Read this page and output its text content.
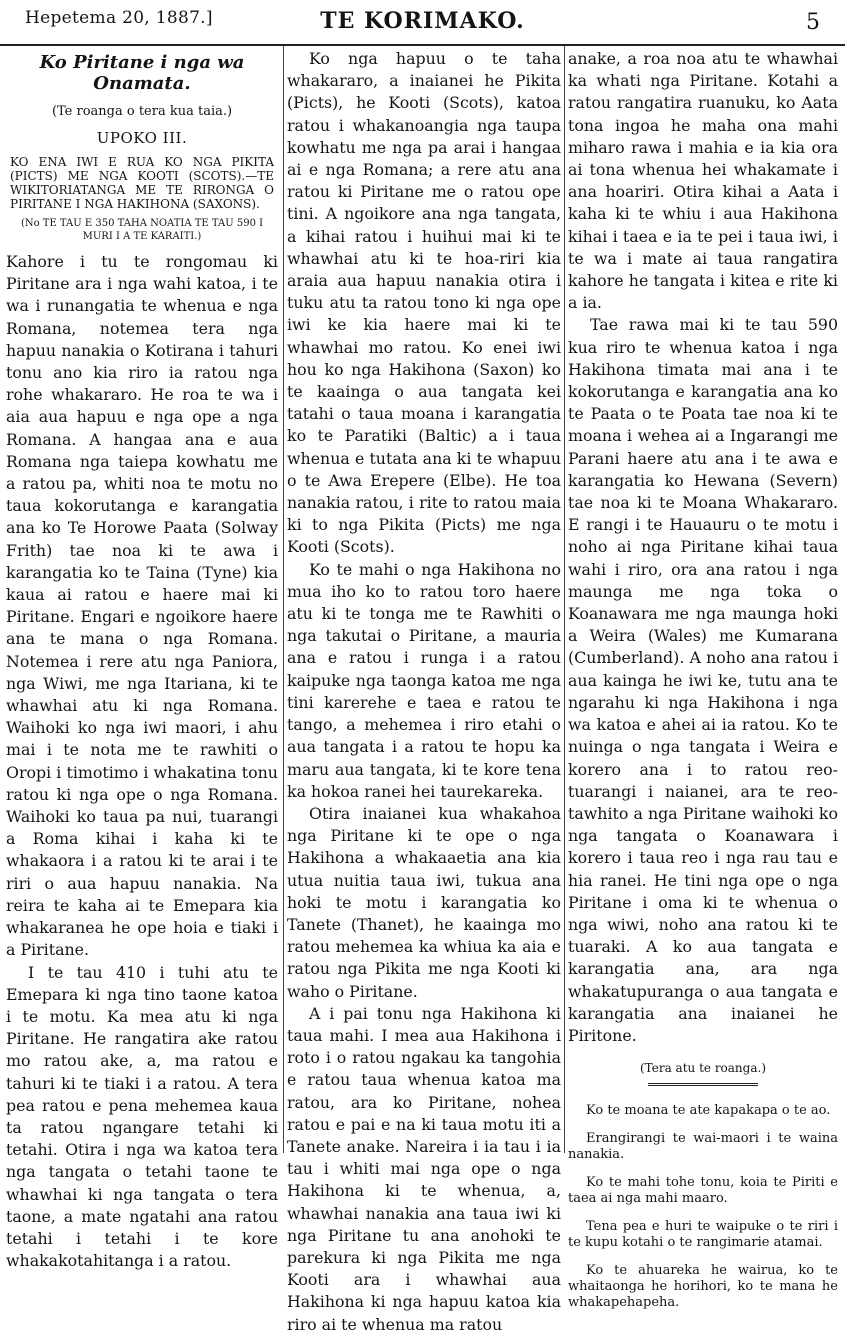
Hepetema 20, 1887.]	TE KORIMAKO.	5
Ko Piritane i nga wa Onamata.
(Te roanga o tera kua taia.)
UPOKO III.
KO ENA IWI E RUA KO NGA PIKITA (PICTS) ME NGA KOOTI (SCOTS).—TE WIKITORIATANGA ME TE RIRONGA O PIRITANE I NGA HAKIHONA (SAXONS).
(No TE TAU E 350 TAHA NOATIA TE TAU 590 I MURI I A TE KARAITI.)

Kahore i tu te rongomau ki Piritane ara i nga wahi katoa, i te wa i runangatia te whenua e nga Romana, notemea tera nga hapuu nanakia o Kotirana i tahuri tonu ano kia riro ia ratou nga rohe whakararo. He roa te wa i aia aua hapuu e nga ope a nga Romana. A hangaa ana e aua Romana nga taiepa kowhatu me a ratou pa, whiti noa te motu no taua kokorutanga e karangatia ana ko Te Horowe Paata (Solway Frith) tae noa ki te awa i karangatia ko te Taina (Tyne) kia kaua ai ratou e haere mai ki Piritane. Engari e ngoikore haere ana te mana o nga Romana. Notemea i rere atu nga Paniora, nga Wiwi, me nga Itariana, ki te whawhai atu ki nga Romana. Waihoki ko nga iwi maori, i ahu mai i te nota me te rawhiti o Oropi i timotimo i whakatina tonu ratou ki nga ope o nga Romana. Waihoki ko taua pa nui, tuarangi a Roma kihai i kaha ki te whakaora i a ratou ki te arai i te riri o aua hapuu nanakia. Na reira te kaha ai te Emepara kia whakaranea he ope hoia e tiaki i a Piritane.

I te tau 410 i tuhi atu te Emepara ki nga tino taone katoa i te motu. Ka mea atu ki nga Piritane. He rangatira ake ratou mo ratou ake, a, ma ratou e tahuri ki te tiaki i a ratou. A tera pea ratou e pena mehemea kaua ta ratou ngangare tetahi ki tetahi. Otira i nga wa katoa tera nga tangata o tetahi taone te whawhai ki nga tangata o tera taone, a mate ngatahi ana ratou tetahi i tetahi i te kore whakakotahitanga i a ratou.

Ko nga hapuu o te taha whakararo, a inaianei he Pikita (Picts), he Kooti (Scots), katoa ratou i whakanoangia nga taupa kowhatu me nga pa arai i hangaa ai e nga Romana; a rere atu ana ratou ki Piritane me o ratou ope tini. A ngoikore ana nga tangata, a kihai ratou i huihui mai ki te whawhai atu ki te hoa-riri kia araia aua hapuu nanakia otira i tuku atu ta ratou tono ki nga ope iwi ke kia haere mai ki te whawhai mo ratou. Ko enei iwi hou ko nga Hakihona (Saxon) ko te kaainga o aua tangata kei tatahi o taua moana i karangatia ko te Paratiki (Baltic) a i taua whenua e tutata ana ki te whapuu o te Awa Erepere (Elbe). He toa nanakia ratou, i rite to ratou maia ki to nga Pikita (Picts) me nga Kooti (Scots).

Ko te mahi o nga Hakihona no mua iho ko to ratou toro haere atu ki te tonga me te Rawhiti o nga takutai o Piritane, a mauria ana e ratou i runga i a ratou kaipuke nga taonga katoa me nga tini karerehe e taea e ratou te tango, a mehemea i riro etahi o aua tangata i a ratou te hopu ka maru aua tangata, ki te kore tena ka hokoa ranei hei taurekareka.

Otira inaianei kua whakahoa nga Piritane ki te ope o nga Hakihona a whakaaetia ana kia utua nuitia taua iwi, tukua ana hoki te motu i karangatia ko Tanete (Thanet), he kaainga mo ratou mehemea ka whiua ka aia e ratou nga Pikita me nga Kooti ki waho o Piritane.

A i pai tonu nga Hakihona ki taua mahi. I mea aua Hakihona i roto i o ratou ngakau ka tangohia e ratou taua whenua katoa ma ratou, ara ko Piritane, nohea ratou e pai e na ki taua motu iti a Tanete anake. Nareira i ia tau i ia tau i whiti mai nga ope o nga Hakihona ki te whenua, a, whawhai nanakia ana taua iwi ki nga Piritane tu ana anohoki te parekura ki nga Pikita me nga Kooti ara i whawhai aua Hakihona ki nga hapuu katoa kia riro ai te whenua ma ratou

anake, a roa noa atu te whawhai ka whati nga Piritane. Kotahi a ratou rangatira ruanuku, ko Aata tona ingoa he maha ona mahi miharo rawa i mahia e ia kia ora ai tona whenua hei whakamate i ana hoariri. Otira kihai a Aata i kaha ki te whiu i aua Hakihona kihai i taea e ia te pei i taua iwi, i te wa i mate ai taua rangatira kahore he tangata i kitea e rite ki a ia.

Tae rawa mai ki te tau 590 kua riro te whenua katoa i nga Hakihona timata mai ana i te kokorutanga e karangatia ana ko te Paata o te Poata tae noa ki te moana i wehea ai a Ingarangi me Parani haere atu ana i te awa e karangatia ko Hewana (Severn) tae noa ki te Moana Whakararo. E rangi i te Hauauru o te motu i noho ai nga Piritane kihai taua wahi i riro, ora ana ratou i nga maunga me nga toka o Koanawara me nga maunga hoki a Weira (Wales) me Kumarana (Cumberland). A noho ana ratou i aua kainga he iwi ke, tutu ana te ngarahu ki nga Hakihona i nga wa katoa e ahei ai ia ratou. Ko te nuinga o nga tangata i Weira e korero ana i to ratou reo-tuarangi i naianei, ara te reo-tawhito a nga Piritane waihoki ko nga tangata o Koanawara i korero i taua reo i nga rau tau e hia ranei. He tini nga ope o nga Piritane i oma ki te whenua o nga wiwi, noho ana ratou ki te tuaraki. A ko aua tangata e karangatia ana, ara nga whakatupuranga o aua tangata e karangatia ana inaianei he Piritone.

(Tera atu te roanga.)

Ko te moana te ate kapakapa o te ao.

Erangirangi te wai-maori i te waina nanakia.

Ko te mahi tohe tonu, koia te Piriti e taea ai nga mahi maaro.

Tena pea e huri te waipuke o te riri i te kupu kotahi o te rangimarie atamai.

Ko te ahuareka he wairua, ko te whaitaonga he horihori, ko te mana he whakapehapeha.
